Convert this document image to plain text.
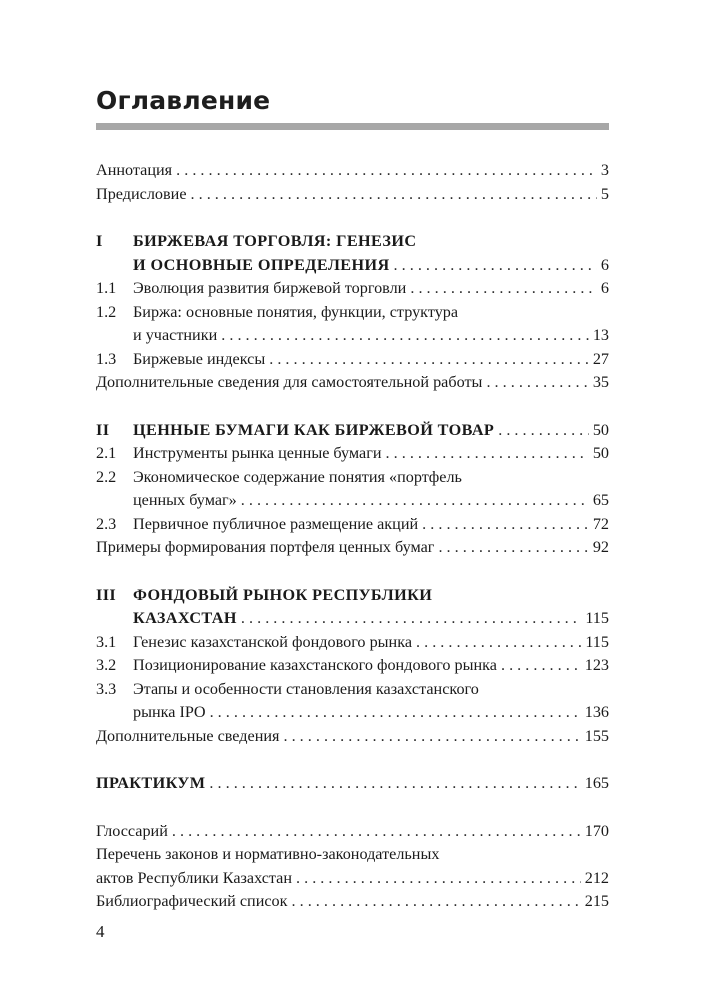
Оглавление
Аннотация . . .	3
Предисловие . . .	5
I	БИРЖЕВАЯ ТОРГОВЛЯ: ГЕНЕЗИС
И ОСНОВНЫЕ ОПРЕДЕЛЕНИЯ . . .	6
1.1	Эволюция развития биржевой торговли . . .	6
1.2	Биржа: основные понятия, функции, структура
и участники . . .	13
1.3	Биржевые индексы . . .	27
Дополнительные сведения для самостоятельной работы . . .	35
II	ЦЕННЫЕ БУМАГИ КАК БИРЖЕВОЙ ТОВАР . . .	50
2.1	Инструменты рынка ценные бумаги . . .	50
2.2	Экономическое содержание понятия «портфель
ценных бумаг» . . .	65
2.3	Первичное публичное размещение акций . . .	72
Примеры формирования портфеля ценных бумаг . . .	92
III	ФОНДОВЫЙ РЫНОК РЕСПУБЛИКИ
КАЗАХСТАН . . .	115
3.1	Генезис казахстанской фондового рынка . . .	115
3.2	Позиционирование казахстанского фондового рынка . . .	123
3.3	Этапы и особенности становления казахстанского
рынка IPO . . .	136
Дополнительные сведения . . .	155
ПРАКТИКУМ . . .	165
Глоссарий . . .	170
Перечень законов и нормативно-законодательных
актов Республики Казахстан . . .	212
Библиографический список . . .	215
4
